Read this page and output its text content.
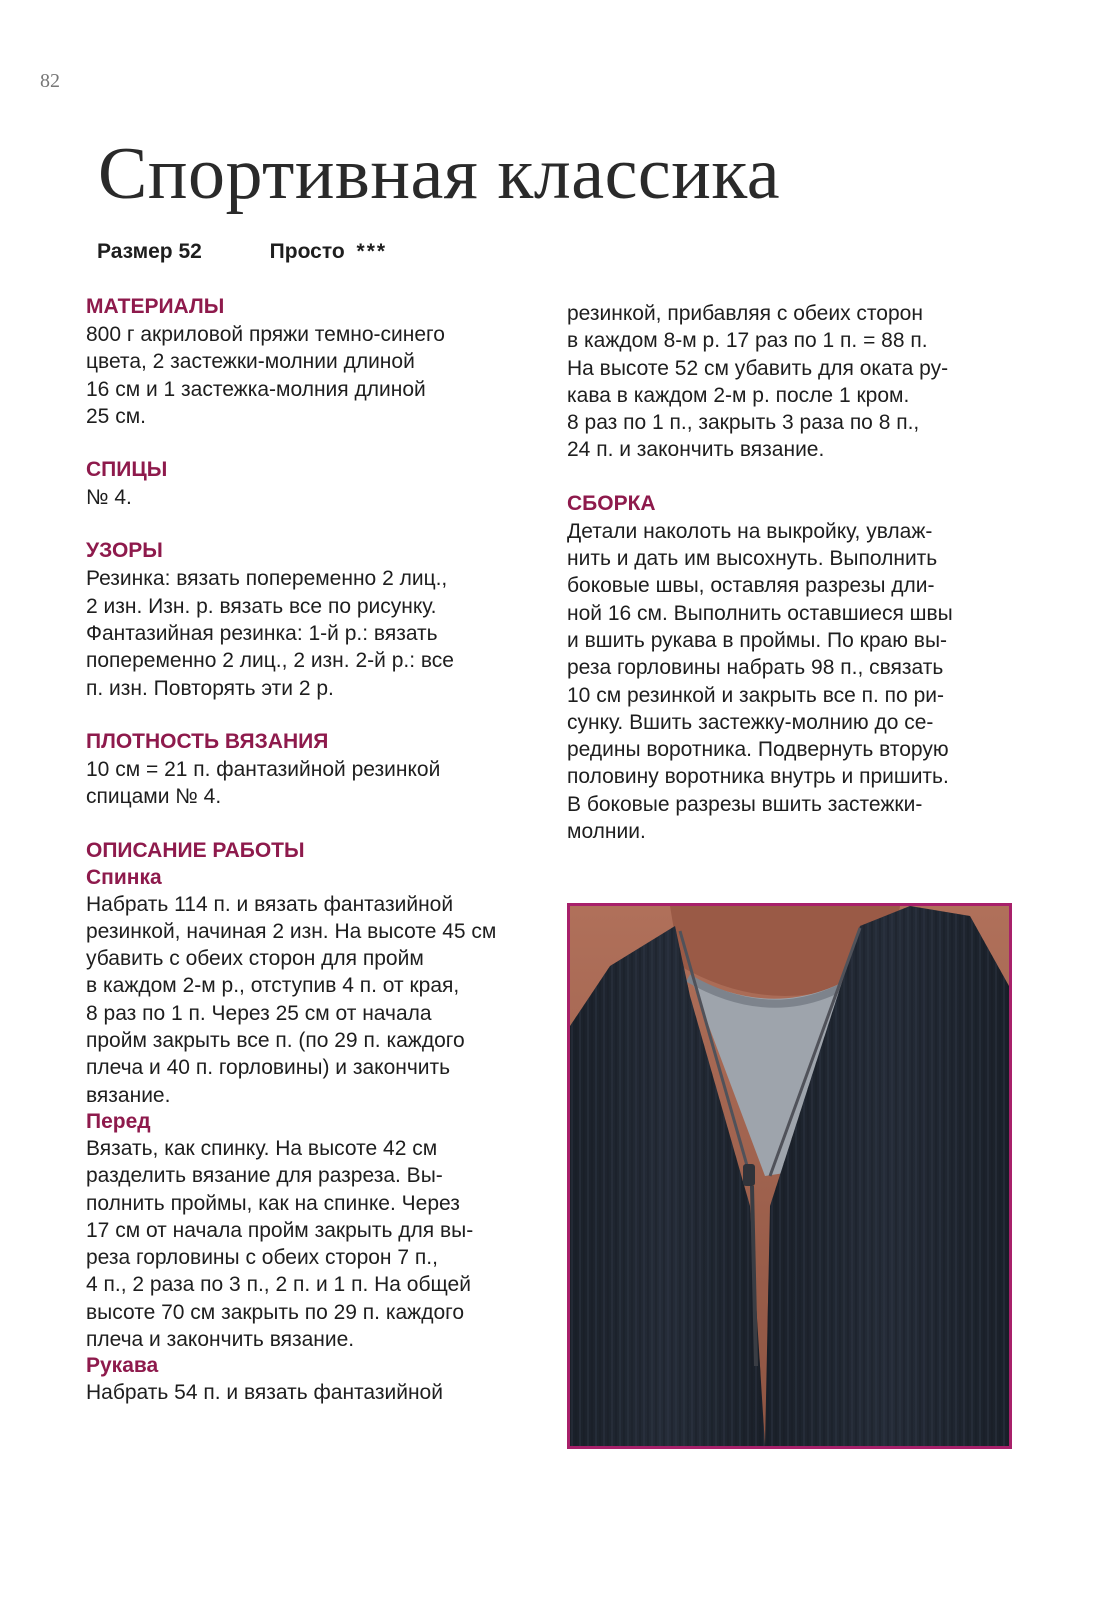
82
Спортивная классика
Размер 52	Просто ***
МАТЕРИАЛЫ

800 г акриловой пряжи темно-синего
цвета, 2 застежки-молнии длиной
16 см и 1 застежка-молния длиной
25 см.

СПИЦЫ

№ 4.

УЗОРЫ

Резинка: вязать попеременно 2 лиц.,
2 изн. Изн. р. вязать все по рисунку.
Фантазийная резинка: 1-й р.: вязать
попеременно 2 лиц., 2 изн. 2-й р.: все
п. изн. Повторять эти 2 р.

ПЛОТНОСТЬ ВЯЗАНИЯ

10 см = 21 п. фантазийной резинкой
спицами № 4.

ОПИСАНИЕ РАБОТЫ
Спинка

Набрать 114 п. и вязать фантазийной
резинкой, начиная 2 изн. На высоте 45 см
убавить с обеих сторон для пройм
в каждом 2-м р., отступив 4 п. от края,
8 раз по 1 п. Через 25 см от начала
пройм закрыть все п. (по 29 п. каждого
плеча и 40 п. горловины) и закончить
вязание.

Перед

Вязать, как спинку. На высоте 42 см
разделить вязание для разреза. Вы-
полнить проймы, как на спинке. Через
17 см от начала пройм закрыть для вы-
реза горловины с обеих сторон 7 п.,
4 п., 2 раза по 3 п., 2 п. и 1 п. На общей
высоте 70 см закрыть по 29 п. каждого
плеча и закончить вязание.

Рукава

Набрать 54 п. и вязать фантазийной

резинкой, прибавляя с обеих сторон
в каждом 8-м р. 17 раз по 1 п. = 88 п.
На высоте 52 см убавить для оката ру-
кава в каждом 2-м р. после 1 кром.
8 раз по 1 п., закрыть 3 раза по 8 п.,
24 п. и закончить вязание.

СБОРКА

Детали наколоть на выкройку, увлаж-
нить и дать им высохнуть. Выполнить
боковые швы, оставляя разрезы дли-
ной 16 см. Выполнить оставшиеся швы
и вшить рукава в проймы. По краю вы-
реза горловины набрать 98 п., связать
10 см резинкой и закрыть все п. по ри-
сунку. Вшить застежку-молнию до се-
редины воротника. Подвернуть вторую
половину воротника внутрь и пришить.
В боковые разрезы вшить застежки-
молнии.
